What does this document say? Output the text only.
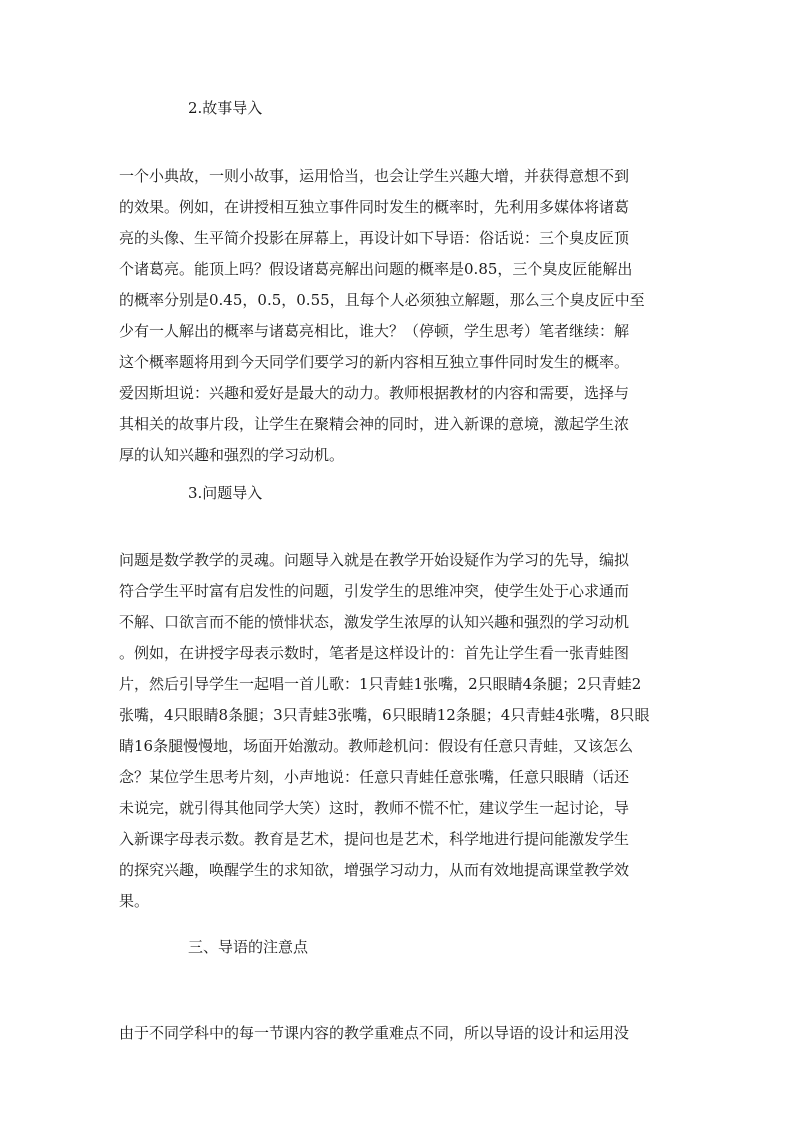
2.故事导入
一个小典故，一则小故事，运用恰当，也会让学生兴趣大增，并获得意想不到
的效果。例如，在讲授相互独立事件同时发生的概率时，先利用多媒体将诸葛
亮的头像、生平简介投影在屏幕上，再设计如下导语：俗话说：三个臭皮匠顶
个诸葛亮。能顶上吗？假设诸葛亮解出问题的概率是0.85，三个臭皮匠能解出
的概率分别是0.45，0.5，0.55，且每个人必须独立解题，那么三个臭皮匠中至
少有一人解出的概率与诸葛亮相比，谁大？（停顿，学生思考）笔者继续：解
这个概率题将用到今天同学们要学习的新内容相互独立事件同时发生的概率。
爱因斯坦说：兴趣和爱好是最大的动力。教师根据教材的内容和需要，选择与
其相关的故事片段，让学生在聚精会神的同时，进入新课的意境，激起学生浓
厚的认知兴趣和强烈的学习动机。
3.问题导入
问题是数学教学的灵魂。问题导入就是在教学开始设疑作为学习的先导，编拟
符合学生平时富有启发性的问题，引发学生的思维冲突，使学生处于心求通而
不解、口欲言而不能的愤悱状态，激发学生浓厚的认知兴趣和强烈的学习动机
。例如，在讲授字母表示数时，笔者是这样设计的：首先让学生看一张青蛙图
片，然后引导学生一起唱一首儿歌：1只青蛙1张嘴，2只眼睛4条腿；2只青蛙2
张嘴，4只眼睛8条腿；3只青蛙3张嘴，6只眼睛12条腿；4只青蛙4张嘴，8只眼
睛16条腿慢慢地，场面开始激动。教师趁机问：假设有任意只青蛙，又该怎么
念？某位学生思考片刻，小声地说：任意只青蛙任意张嘴，任意只眼睛（话还
未说完，就引得其他同学大笑）这时，教师不慌不忙，建议学生一起讨论，导
入新课字母表示数。教育是艺术，提问也是艺术，科学地进行提问能激发学生
的探究兴趣，唤醒学生的求知欲，增强学习动力，从而有效地提高课堂教学效
果。
三、导语的注意点
由于不同学科中的每一节课内容的教学重难点不同，所以导语的设计和运用没
